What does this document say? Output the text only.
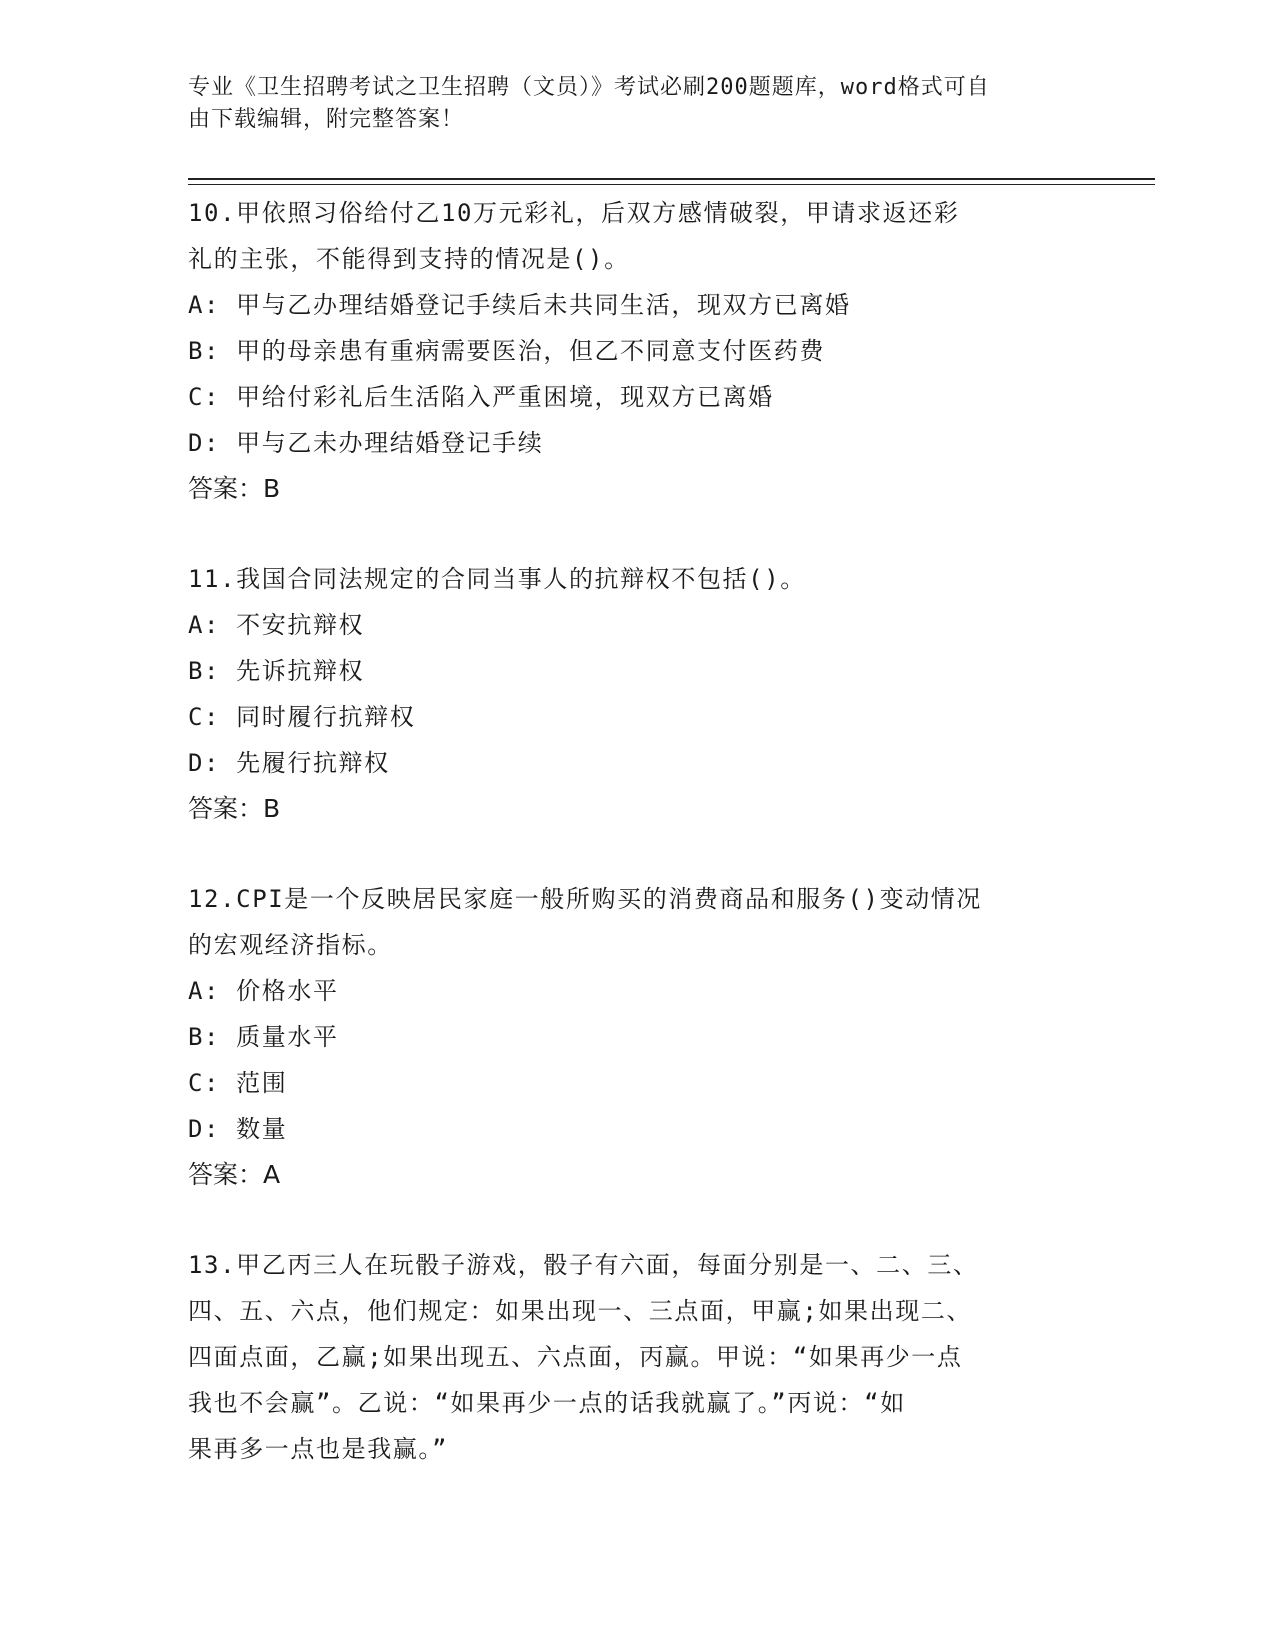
专业《卫生招聘考试之卫生招聘（文员）》考试必刷200题题库，word格式可自
由下载编辑，附完整答案！

10.甲依照习俗给付乙10万元彩礼，后双方感情破裂，甲请求返还彩

礼的主张，不能得到支持的情况是()。

A: 甲与乙办理结婚登记手续后未共同生活，现双方已离婚

B: 甲的母亲患有重病需要医治，但乙不同意支付医药费

C: 甲给付彩礼后生活陷入严重困境，现双方已离婚

D: 甲与乙未办理结婚登记手续

答案：B

11.我国合同法规定的合同当事人的抗辩权不包括()。

A: 不安抗辩权

B: 先诉抗辩权

C: 同时履行抗辩权

D: 先履行抗辩权

答案：B

12.CPI是一个反映居民家庭一般所购买的消费商品和服务()变动情况

的宏观经济指标。

A: 价格水平

B: 质量水平

C: 范围

D: 数量

答案：A

13.甲乙丙三人在玩骰子游戏，骰子有六面，每面分别是一、二、三、

四、五、六点，他们规定：如果出现一、三点面，甲赢;如果出现二、

四面点面，乙赢;如果出现五、六点面，丙赢。甲说：“如果再少一点

我也不会赢”。乙说：“如果再少一点的话我就赢了。”丙说：“如

果再多一点也是我赢。”
